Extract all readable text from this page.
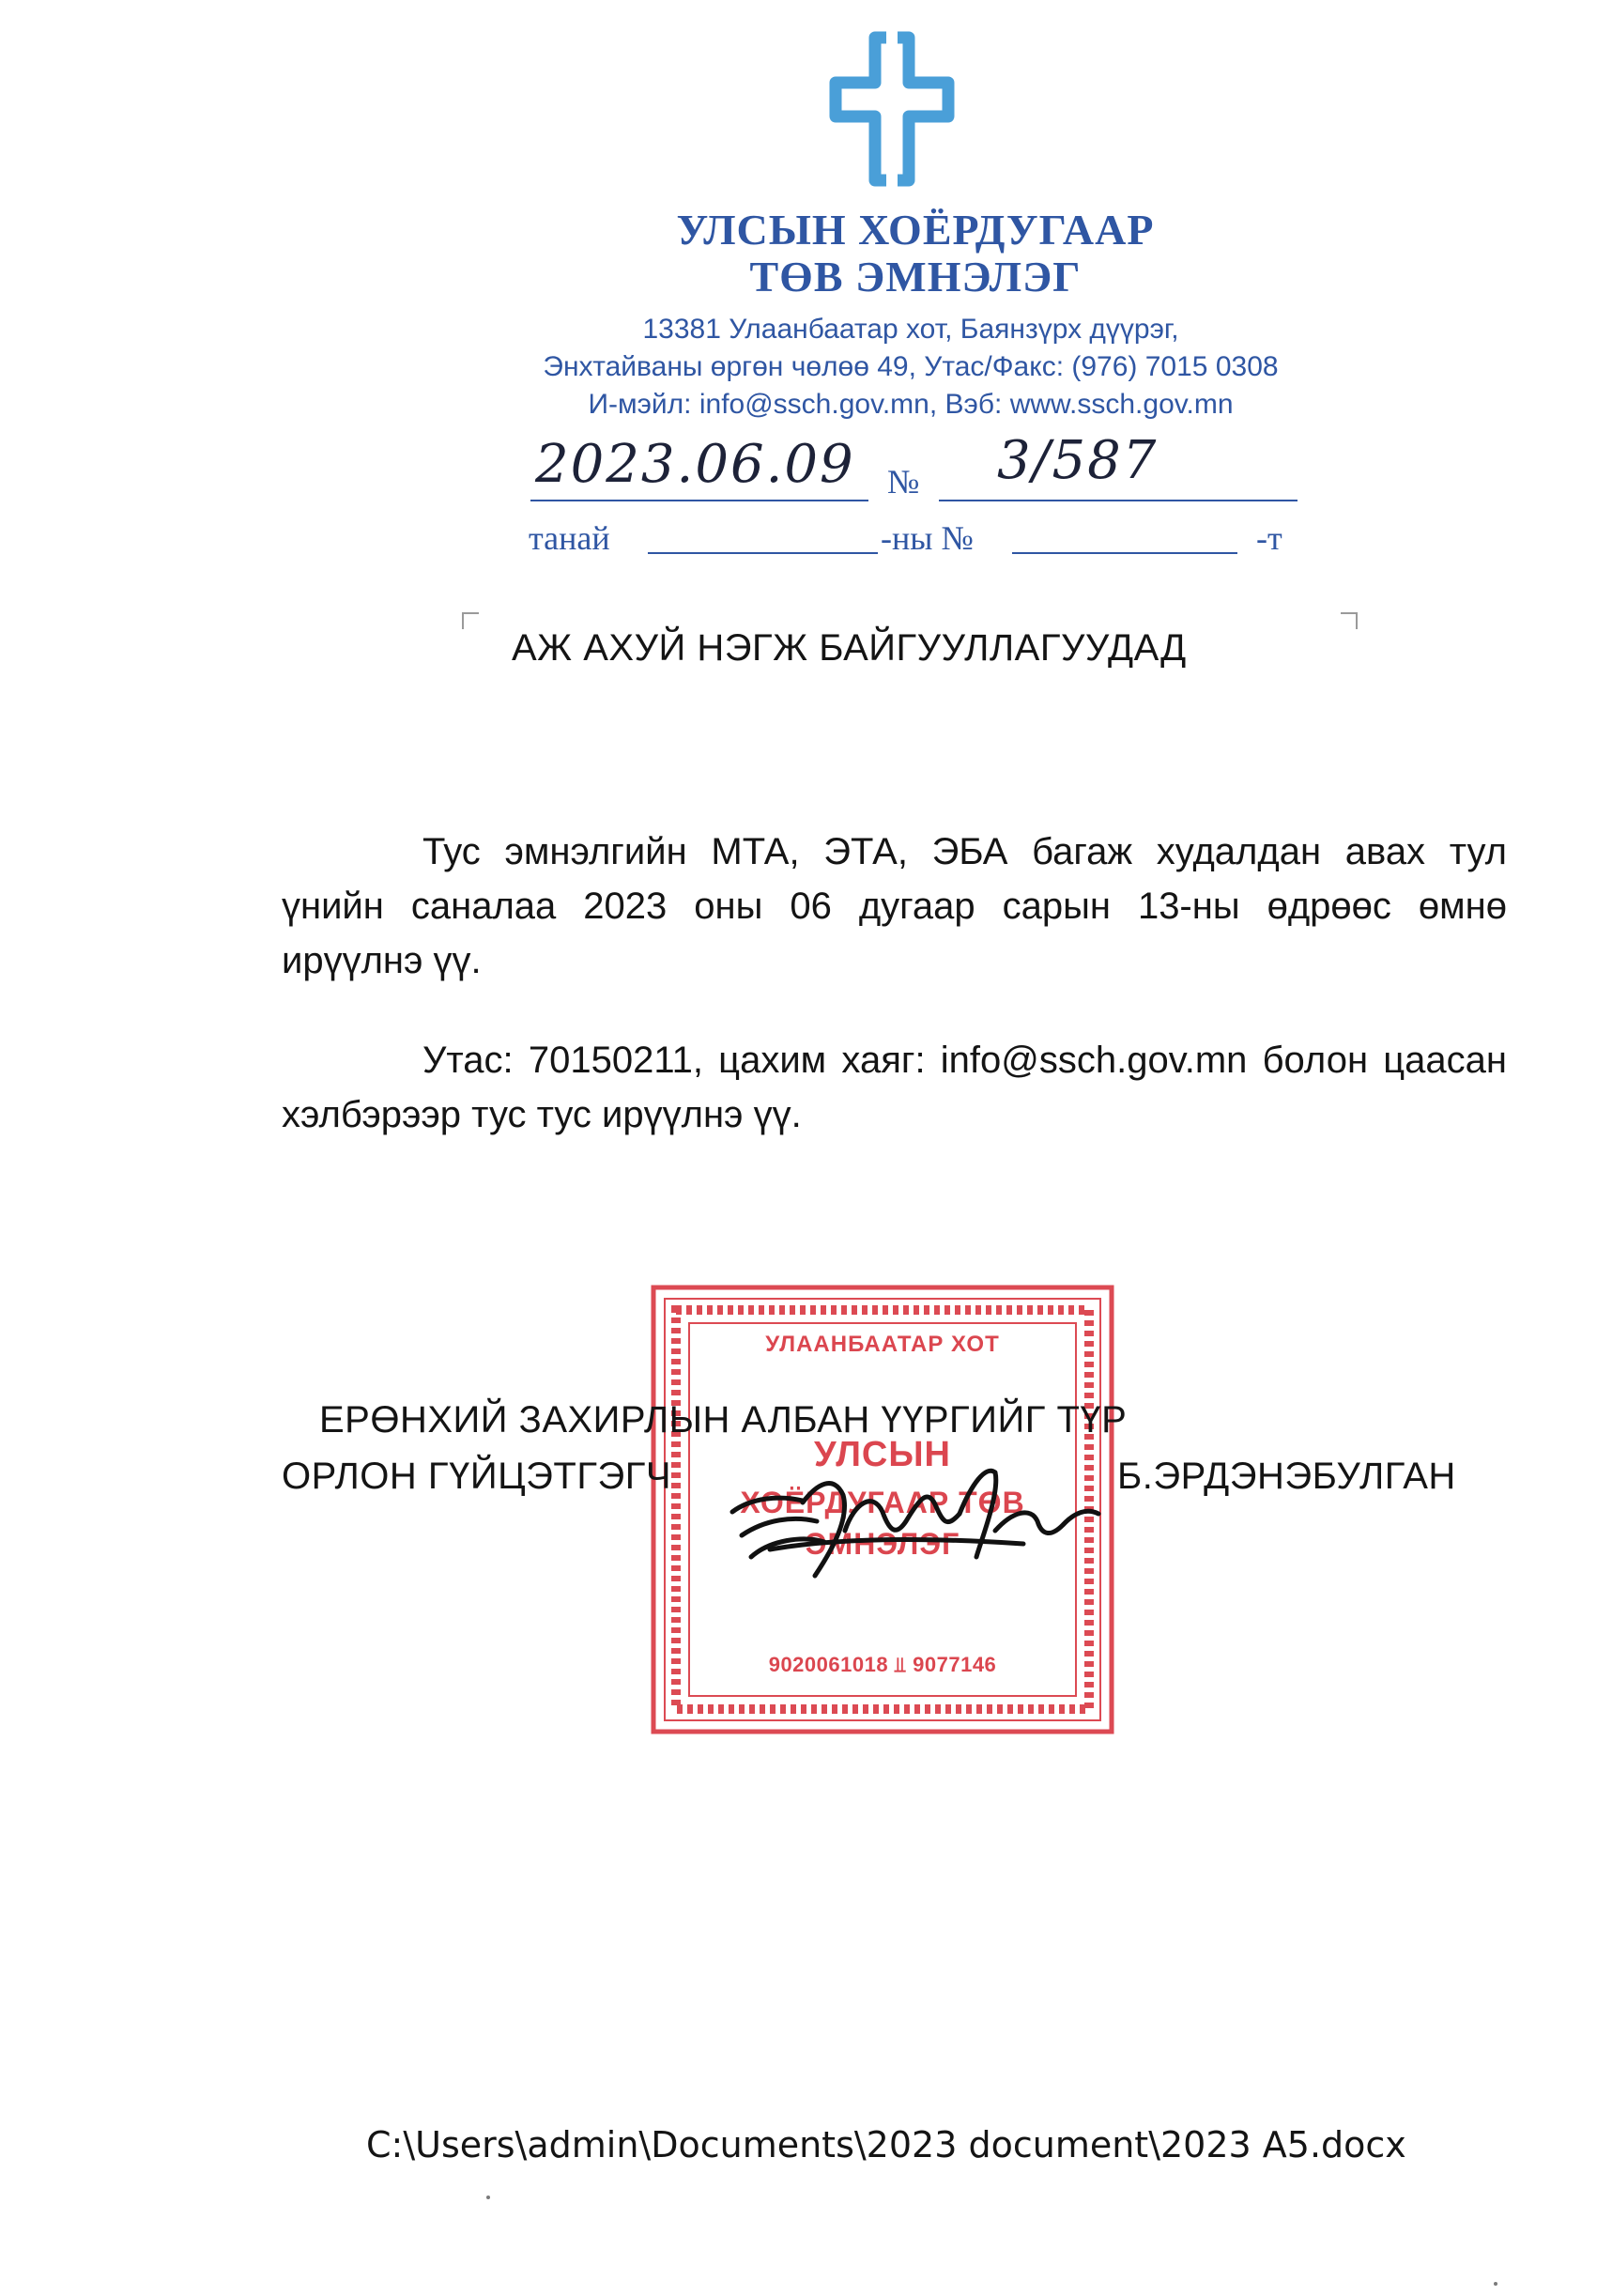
УЛСЫН ХОЁРДУГААР
ТӨВ ЭМНЭЛЭГ
13381 Улаанбаатар хот, Баянзүрх дүүрэг,
Энхтайваны өргөн чөлөө 49, Утас/Факс: (976) 7015 0308
И-мэйл: info@ssch.gov.mn, Вэб: www.ssch.gov.mn
2023.06.09 № 3/587
танай	-ны №	-т
АЖ АХУЙ НЭГЖ БАЙГУУЛЛАГУУДАД
Тус эмнэлгийн МТА, ЭТА, ЭБА багаж худалдан авах тул үнийн саналаа 2023 оны 06 дугаар сарын 13-ны өдрөөс өмнө ирүүлнэ үү.
Утас: 70150211, цахим хаяг: info@ssch.gov.mn болон цаасан хэлбэрээр тус тус ирүүлнэ үү.
УЛААНБААТАР ХОТ
УЛСЫН
ХОЁРДУГААР ТӨВ
ЭМНЭЛЭГ
9020061018 ⫫ 9077146
ЕРӨНХИЙ ЗАХИРЛЫН АЛБАН ҮҮРГИЙГ ТҮР
ОРЛОН ГҮЙЦЭТГЭГЧ	Б.ЭРДЭНЭБУЛГАН
C:\Users\admin\Documents\2023 document\2023 A5.docx
